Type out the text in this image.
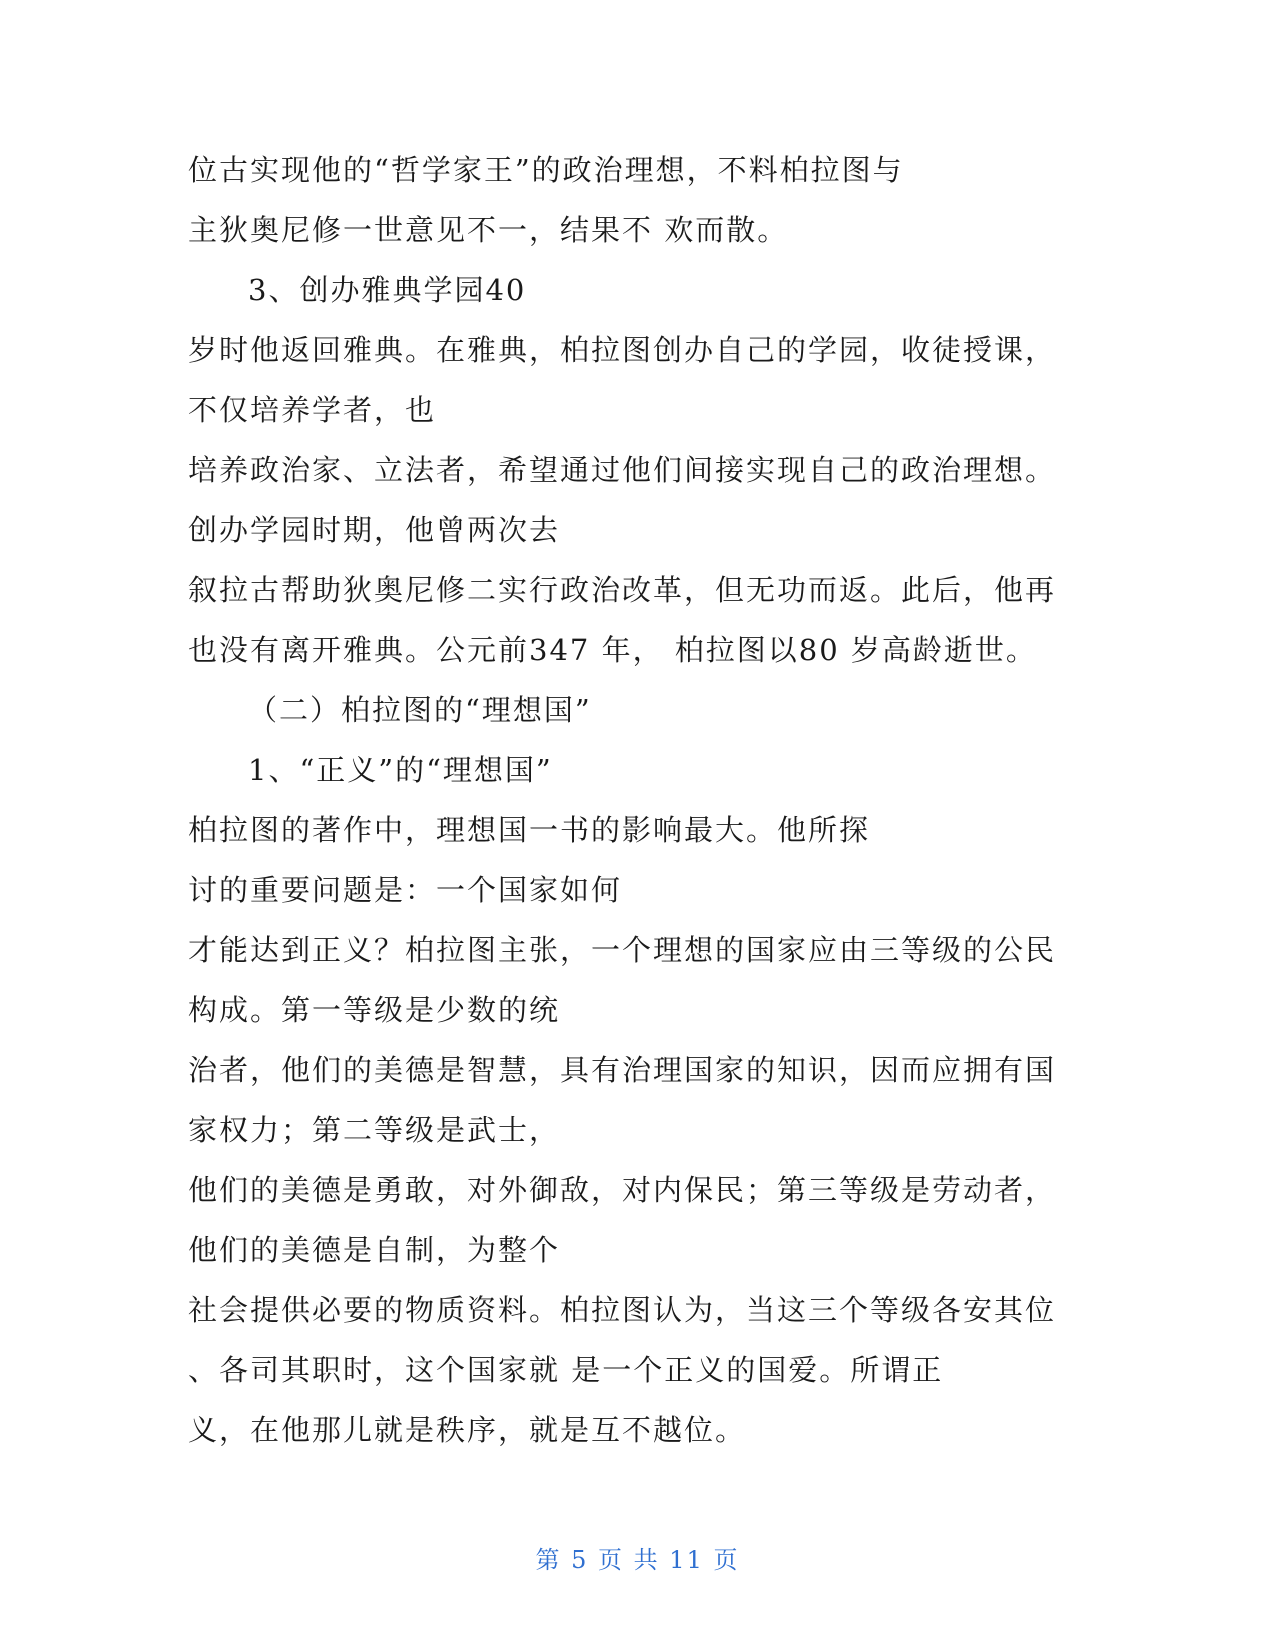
位古实现他的“哲学家王”的政治理想，不料柏拉图与
主狄奥尼修一世意见不一，结果不 欢而散。
3、创办雅典学园40
岁时他返回雅典。在雅典，柏拉图创办自己的学园，收徒授课，
不仅培养学者，也
培养政治家、立法者，希望通过他们间接实现自己的政治理想。
创办学园时期，他曾两次去
叙拉古帮助狄奥尼修二实行政治改革，但无功而返。此后，他再
也没有离开雅典。公元前347 年， 柏拉图以80 岁高龄逝世。
（二）柏拉图的“理想国”
1、“正义”的“理想国”
柏拉图的著作中，理想国一书的影响最大。他所探
讨的重要问题是：一个国家如何
才能达到正义？柏拉图主张，一个理想的国家应由三等级的公民
构成。第一等级是少数的统
治者，他们的美德是智慧，具有治理国家的知识，因而应拥有国
家权力；第二等级是武士，
他们的美德是勇敢，对外御敌，对内保民；第三等级是劳动者，
他们的美德是自制，为整个
社会提供必要的物质资料。柏拉图认为，当这三个等级各安其位
、各司其职时，这个国家就 是一个正义的国爱。所谓正
义，在他那儿就是秩序，就是互不越位。
第 5 页 共 11 页
